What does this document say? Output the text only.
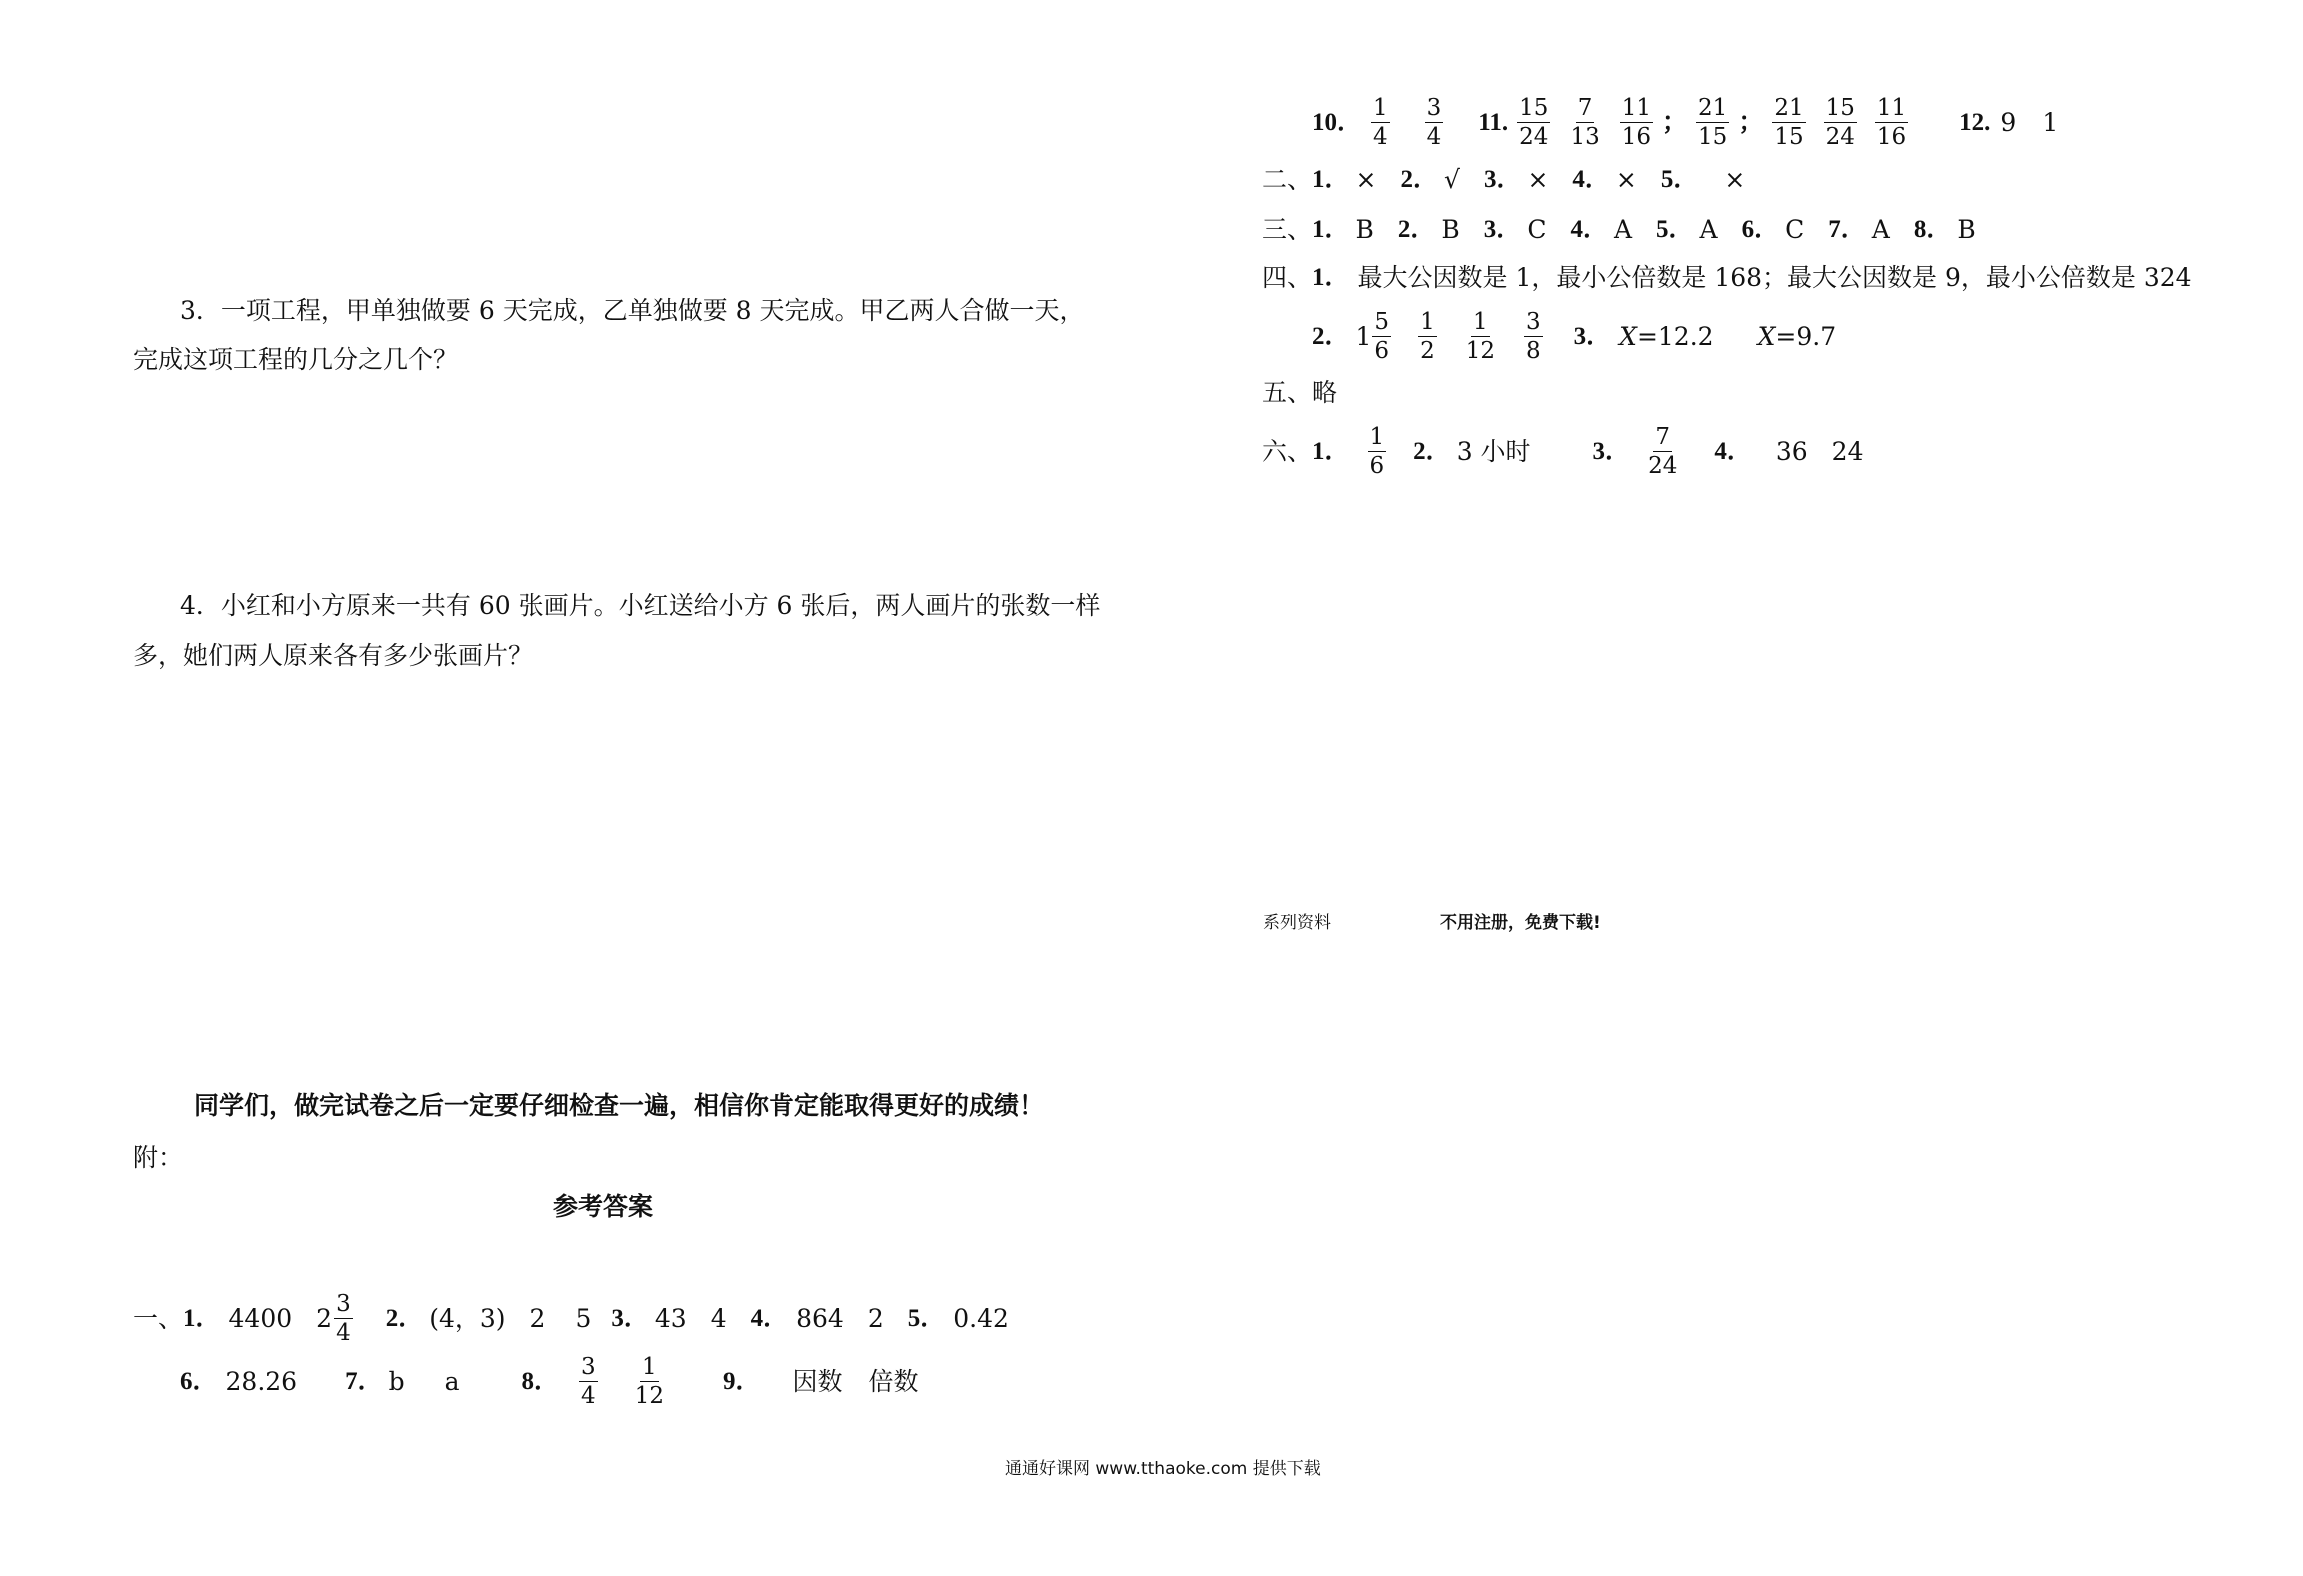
3．一项工程，甲单独做要 6 天完成，乙单独做要 8 天完成。甲乙两人合做一天，
完成这项工程的几分之几个？
4．小红和小方原来一共有 60 张画片。小红送给小方 6 张后，两人画片的张数一样
多，她们两人原来各有多少张画片？
同学们，做完试卷之后一定要仔细检查一遍，相信你肯定能取得更好的成绩！
附：
参考答案
一、 1． 4400 $2 \frac{3}{4} 2$． (4，3) 2 5 3． 43 4 4． 864 2 5． 0.42
6． 28.26 7． b a 8． $\frac{3}{4} \frac{1}{12} 9$． 因数 倍数
10． $\frac{1}{4} \frac{3}{4} 11$. $\frac{15}{24} \frac{7}{13} \frac{11}{16}$ ； $\frac{21}{15}$ ； $\frac{21}{15} \frac{15}{24} \frac{11}{16} 12$. 9 1
二、 1． × 2． √ 3． × 4． × 5． ×
三、 1． B 2． B 3． C 4． A 5． A 6． C 7． A 8． B
四、 1． 最大公因数是 1，最小公倍数是 168；最大公因数是 9，最小公倍数是 324
2． $1 \frac{5}{6} \frac{1}{2} \frac{1}{12} \frac{3}{8} 3$． X =12.2 X =9.7
五、 略
六、 1． $\frac{1}{6} 2$． 3 小时 3． $\frac{7}{24} 4$． 36 24
系列资料	不用注册，免费下载!
通通好课网 www.tthaoke.com 提供下载
